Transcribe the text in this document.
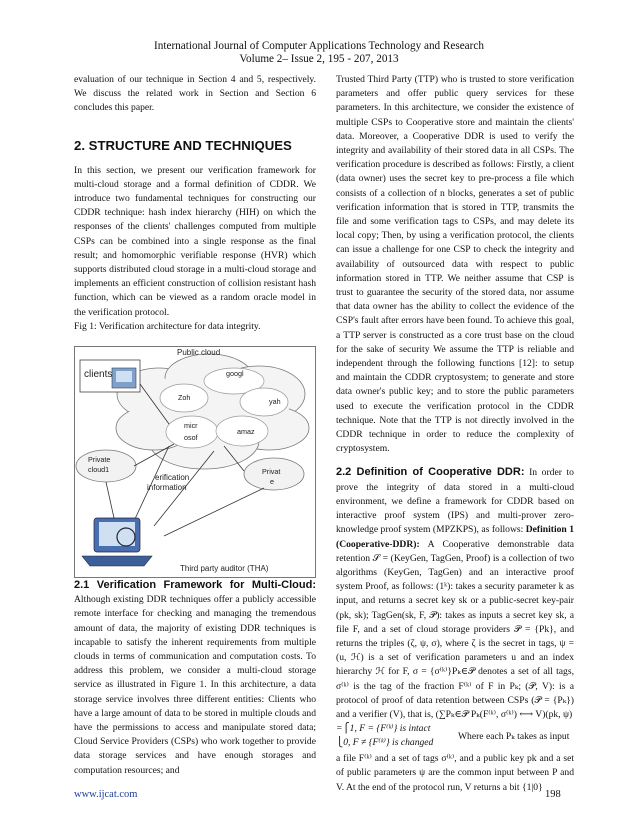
International Journal of Computer Applications Technology and Research
Volume 2– Issue 2, 195 - 207, 2013

evaluation of our technique in Section 4 and 5, respectively. We discuss the related work in Section and Section 6 concludes this paper.

2. STRUCTURE AND TECHNIQUES

In this section, we present our verification framework for multi-cloud storage and a formal definition of CDDR. We introduce two fundamental techniques for constructing our CDDR technique: hash index hierarchy (HIH) on which the responses of the clients' challenges computed from multiple CSPs can be combined into a single response as the final result; and homomorphic verifiable response (HVR) which supports distributed cloud storage in a multi-cloud storage and implements an efficient construction of collision resistant hash function, which can be viewed as a random oracle model in the verification protocol.

Fig 1: Verification architecture for data integrity.

clients
Public cloud
googl
Zoh	yah
micr
osof
amaz
Private
cloud1
erification
information
Privat
e
Third party auditor (THA)

2.1 Verification Framework for Multi-Cloud: Although existing DDR techniques offer a publicly accessible remote interface for checking and managing the tremendous amount of data, the majority of existing DDR techniques is incapable to satisfy the inherent requirements from multiple clouds in terms of communication and computation costs. To address this problem, we consider a multi-cloud storage service as illustrated in Figure 1. In this architecture, a data storage service involves three different entities: Clients who have a large amount of data to be stored in multiple clouds and have the permissions to access and manipulate stored data; Cloud Service Providers (CSPs) who work together to provide data storage services and have enough storages and computation resources; and

Trusted Third Party (TTP) who is trusted to store verification parameters and offer public query services for these parameters. In this architecture, we consider the existence of multiple CSPs to Cooperative store and maintain the clients' data. Moreover, a Cooperative DDR is used to verify the integrity and availability of their stored data in all CSPs. The verification procedure is described as follows: Firstly, a client (data owner) uses the secret key to pre-process a file which consists of a collection of n blocks, generates a set of public verification information that is stored in TTP, transmits the file and some verification tags to CSPs, and may delete its local copy; Then, by using a verification protocol, the clients can issue a challenge for one CSP to check the integrity and availability of outsourced data with respect to public information stored in TTP. We neither assume that CSP is trust to guarantee the security of the stored data, nor assume that data owner has the ability to collect the evidence of the CSP's fault after errors have been found. To achieve this goal, a TTP server is constructed as a core trust base on the cloud for the sake of security We assume the TTP is reliable and independent through the following functions [12]: to setup and maintain the CDDR cryptosystem; to generate and store data owner's public key; and to store the public parameters used to execute the verification protocol in the CDDR technique. Note that the TTP is not directly involved in the CDDR technique in order to reduce the complexity of cryptosystem.

2.2 Definition of Cooperative DDR: In order to prove the integrity of data stored in a multi-cloud environment, we define a framework for CDDR based on interactive proof system (IPS) and multi-prover zero-knowledge proof system (MPZKPS), as follows: Definition 1 (Cooperative-DDR): A Cooperative demonstrable data retention 𝒮 = (KeyGen, TagGen, Proof) is a collection of two algorithms (KeyGen, TagGen) and an interactive proof system Proof, as follows: (1ᵏ): takes a security parameter k as input, and returns a secret key sk or a public-secret key-pair (pk, sk); TagGen(sk, F, 𝒫): takes as inputs a secret key sk, a file F, and a set of cloud storage providers 𝒫 = {Pk}, and returns the triples (ζ, ψ, σ), where ζ is the secret in tags, ψ = (u, ℋ) is a set of verification parameters u and an index hierarchy ℋ for F, σ = {σ⁽ᵏ⁾}Pₖ∈𝒫 denotes a set of all tags, σ⁽ᵏ⁾ is the tag of the fraction F⁽ᵏ⁾ of F in Pₖ; (𝒫, V): is a protocol of proof of data retention between CSPs (𝒫 = {Pₖ}) and a verifier (V), that is, (∑Pₖ∈𝒫 Pₖ(F⁽ᵏ⁾, σ⁽ᵏ⁾) ⟷ V)(pk, ψ)

=⎧1, F = {F⁽ᵏ⁾} is intact
⎩0, F ≠ {F⁽ᵏ⁾} is changed
Where each Pₖ takes as input

a file F⁽ᵏ⁾ and a set of tags σ⁽ᵏ⁾, and a public key pk and a set of public parameters ψ are the common input between P and V. At the end of the protocol run, V returns a bit {1|0}

www.ijcat.com	198
